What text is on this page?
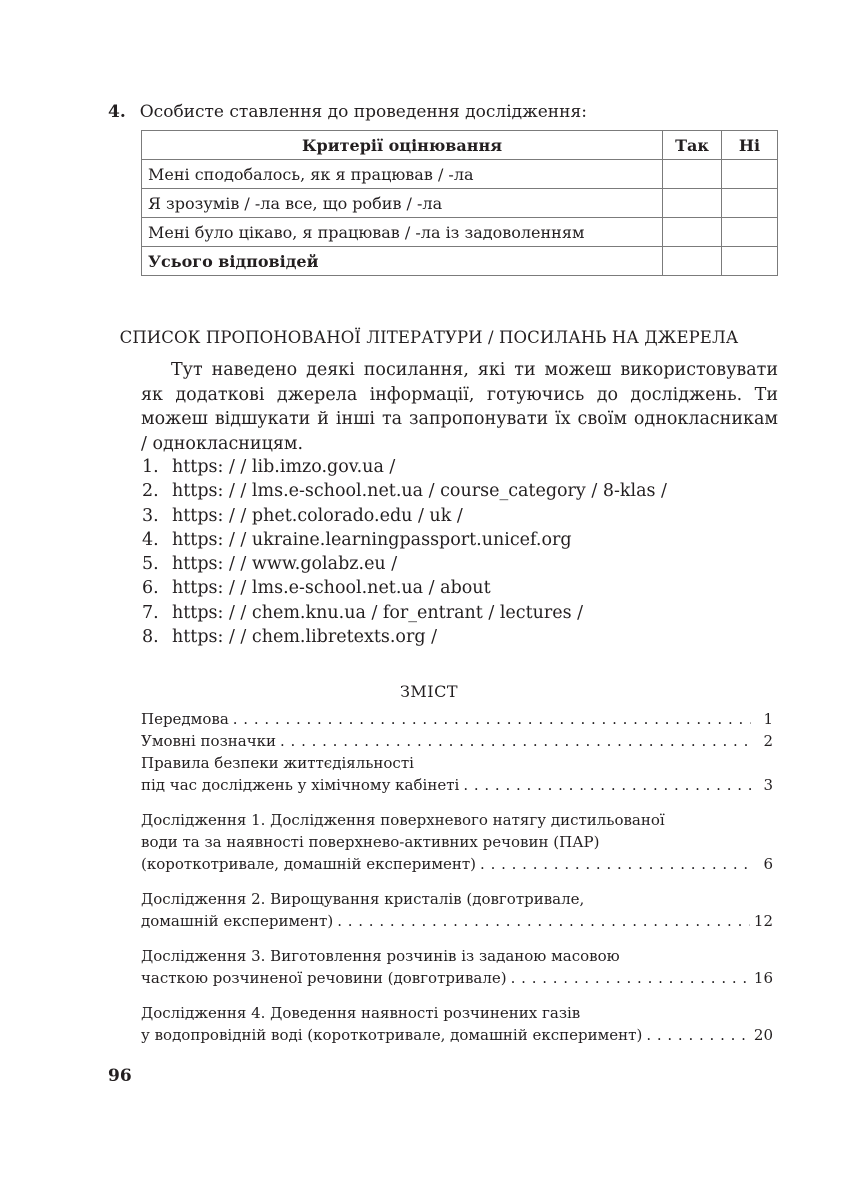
4. Особисте ставлення до проведення дослідження:
Критерії оцінювання	Так	Ні
Мені сподобалось, як я працював / -ла		
Я зрозумів / -ла все, що робив / -ла		
Мені було цікаво, я працював / -ла із задоволенням		
Усього відповідей		
СПИСОК ПРОПОНОВАНОЇ ЛІТЕРАТУРИ / ПОСИЛАНЬ НА ДЖЕРЕЛА

Тут наведено деякі посилання, які ти можеш використовувати як додаткові джерела інформації, готуючись до досліджень. Ти можеш відшукати й інші та запропонувати їх своїм однокласникам / однокласницям.

1. https: / / lib.imzo.gov.ua /
2. https: / / lms.e-school.net.ua / course_category / 8-klas /
3. https: / / phet.colorado.edu / uk /
4. https: / / ukraine.learningpassport.unicef.org
5. https: / / www.golabz.eu /
6. https: / / lms.e-school.net.ua / about
7. https: / / chem.knu.ua / for_entrant / lectures /
8. https: / / chem.libretexts.org /
ЗМІСТ
Передмова . . .	1
Умовні позначки . . .	2
Правила безпеки життєдіяльності
під час досліджень у хімічному кабінеті . . .	3
Дослідження 1. Дослідження поверхневого натягу дистильованої
води та за наявності поверхнево-активних речовин (ПАР)
(короткотривале, домашній експеримент) . . .	6
Дослідження 2. Вирощування кристалів (довготривале,
домашній експеримент) . . .	12
Дослідження 3. Виготовлення розчинів із заданою масовою
часткою розчиненої речовини (довготривале) . . .	16
Дослідження 4. Доведення наявності розчинених газів
у водопровідній воді (короткотривале, домашній експеримент) . . .	20
96
